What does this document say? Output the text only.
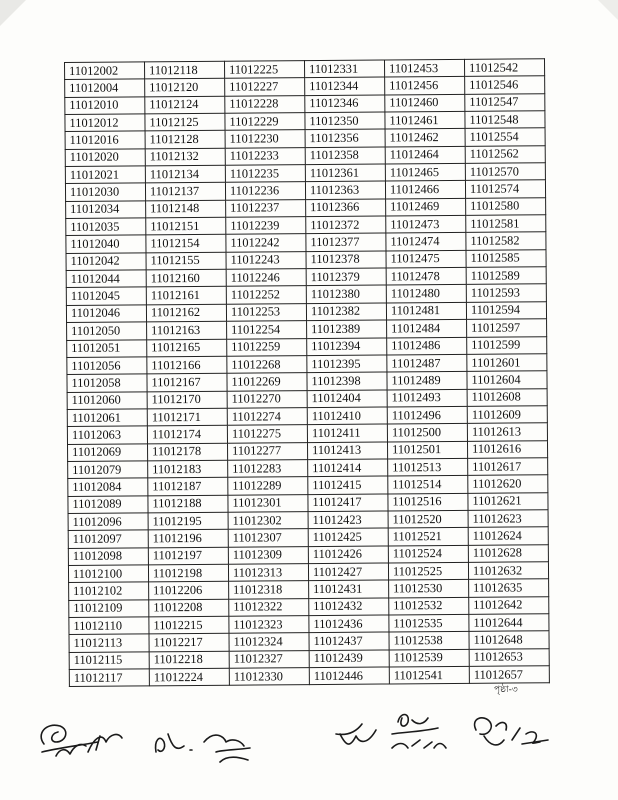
11012002	11012118	11012225	11012331	11012453	11012542
11012004	11012120	11012227	11012344	11012456	11012546
11012010	11012124	11012228	11012346	11012460	11012547
11012012	11012125	11012229	11012350	11012461	11012548
11012016	11012128	11012230	11012356	11012462	11012554
11012020	11012132	11012233	11012358	11012464	11012562
11012021	11012134	11012235	11012361	11012465	11012570
11012030	11012137	11012236	11012363	11012466	11012574
11012034	11012148	11012237	11012366	11012469	11012580
11012035	11012151	11012239	11012372	11012473	11012581
11012040	11012154	11012242	11012377	11012474	11012582
11012042	11012155	11012243	11012378	11012475	11012585
11012044	11012160	11012246	11012379	11012478	11012589
11012045	11012161	11012252	11012380	11012480	11012593
11012046	11012162	11012253	11012382	11012481	11012594
11012050	11012163	11012254	11012389	11012484	11012597
11012051	11012165	11012259	11012394	11012486	11012599
11012056	11012166	11012268	11012395	11012487	11012601
11012058	11012167	11012269	11012398	11012489	11012604
11012060	11012170	11012270	11012404	11012493	11012608
11012061	11012171	11012274	11012410	11012496	11012609
11012063	11012174	11012275	11012411	11012500	11012613
11012069	11012178	11012277	11012413	11012501	11012616
11012079	11012183	11012283	11012414	11012513	11012617
11012084	11012187	11012289	11012415	11012514	11012620
11012089	11012188	11012301	11012417	11012516	11012621
11012096	11012195	11012302	11012423	11012520	11012623
11012097	11012196	11012307	11012425	11012521	11012624
11012098	11012197	11012309	11012426	11012524	11012628
11012100	11012198	11012313	11012427	11012525	11012632
11012102	11012206	11012318	11012431	11012530	11012635
11012109	11012208	11012322	11012432	11012532	11012642
11012110	11012215	11012323	11012436	11012535	11012644
11012113	11012217	11012324	11012437	11012538	11012648
11012115	11012218	11012327	11012439	11012539	11012653
11012117	11012224	11012330	11012446	11012541	11012657
পৃষ্ঠা-৩
